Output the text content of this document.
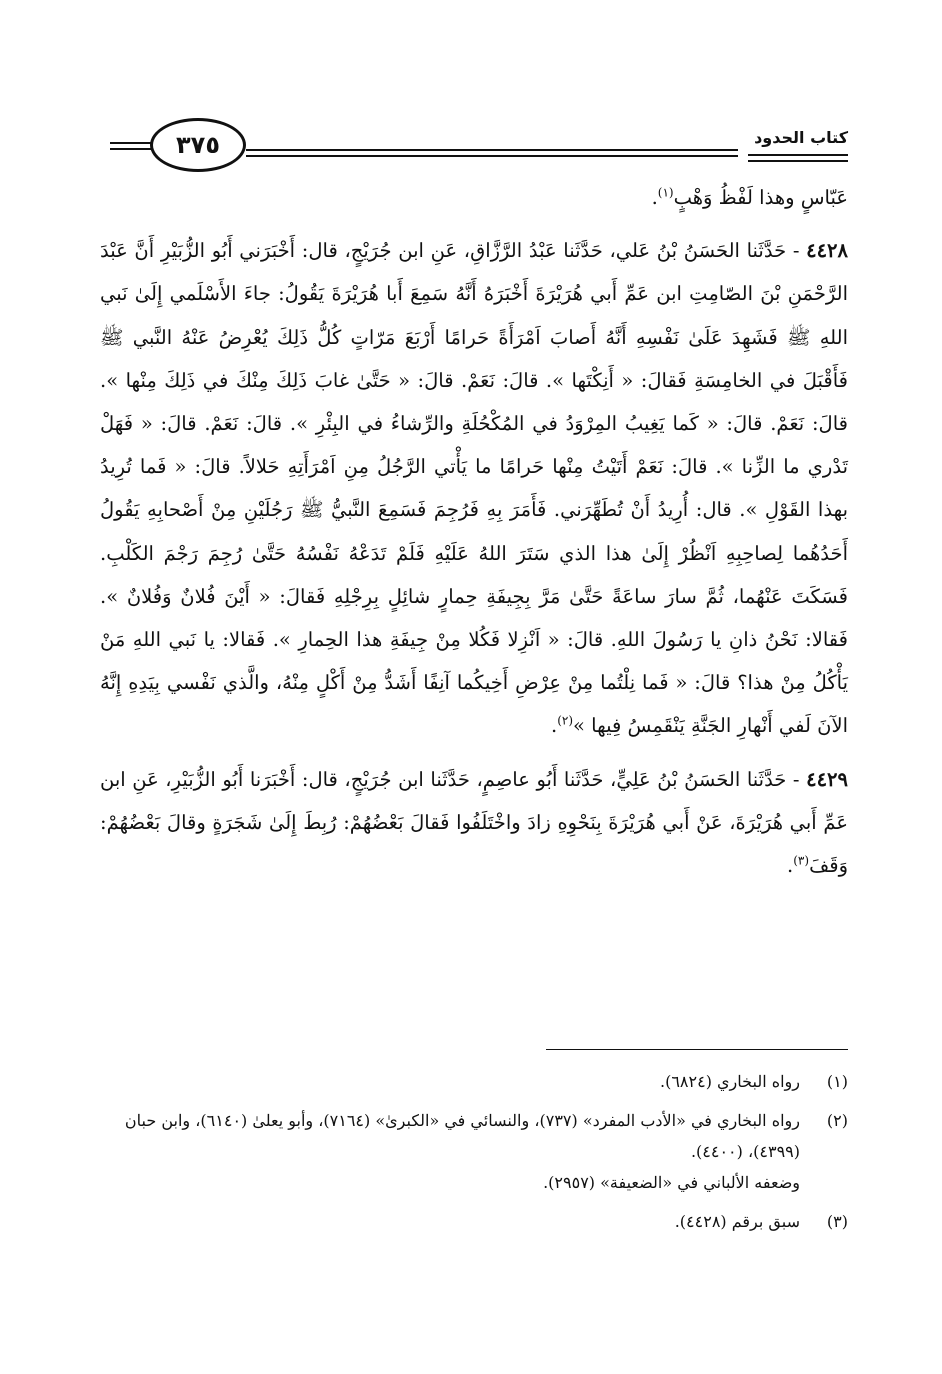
كتاب الحدود
٣٧٥

عَبّاسٍ وهذا لَفْظُ وَهْبٍ$^{(١)}$.

٤٤٢٨ - حَدَّثَنا الحَسَنُ بْنُ عَلي، حَدَّثَنا عَبْدُ الرَّزَّاقِ، عَنِ ابن جُرَيْجٍ، قال: أَخْبَرَني أَبُو الزُّبَيْرِ أَنَّ عَبْدَ الرَّحْمَنِ بْنَ الصّامِتِ ابن عَمِّ أَبي هُرَيْرَةَ أَخْبَرَهُ أَنَّهُ سَمِعَ أَبا هُرَيْرَةَ يَقُولُ: جاءَ الأَسْلَمي إِلَىٰ نَبي اللهِ ﷺ فَشَهِدَ عَلَىٰ نَفْسِهِ أَنَّهُ أَصابَ اَمْرَأَةً حَرامًا أَرْبَعَ مَرّاتٍ كُلُّ ذَلِكَ يُعْرِضُ عَنْهُ النَّبي ﷺ فَأَقْبَلَ في الخامِسَةِ فَقالَ: « أَنِكْتَها ». قالَ: نَعَمْ. قالَ: « حَتَّىٰ غابَ ذَلِكَ مِنْكَ في ذَلِكَ مِنْها ». قالَ: نَعَمْ. قالَ: « كَما يَغِيبُ المِرْوَدُ في المُكْحُلَةِ والرِّشاءُ في البِئْرِ ». قالَ: نَعَمْ. قالَ: « فَهَلْ تَدْري ما الزِّنا ». قالَ: نَعَمْ أَتَيْتُ مِنْها حَرامًا ما يَأْتي الرَّجُلُ مِنِ اَمْرَأَتِهِ حَلالاً. قالَ: « فَما تُرِيدُ بهذا القَوْلِ ». قال: أُرِيدُ أَنْ تُطَهِّرَني. فَأَمَرَ بِهِ فَرُجِمَ فَسَمِعَ النَّبيُّ ﷺ رَجُلَيْنِ مِنْ أَصْحابِهِ يَقُولُ أَحَدُهُما لِصاحِبِهِ اَنْظُرْ إِلَىٰ هذا الذي سَتَرَ اللهُ عَلَيْهِ فَلَمْ تَدَعْهُ نَفْسُهُ حَتَّىٰ رُجِمَ رَجْمَ الكَلْبِ. فَسَكَتَ عَنْهُما، ثُمَّ سارَ ساعَةً حَتَّىٰ مَرَّ بِجِيفَةِ حِمارٍ شائِلٍ بِرِجْلِهِ فَقالَ: « أَيْنَ فُلانٌ وَفُلانٌ ». فَقالا: نَحْنُ ذانِ يا رَسُولَ اللهِ. قالَ: « اَنْزِلا فَكُلا مِنْ جِيفَةِ هذا الحِمارِ ». فَقالا: يا نَبي اللهِ مَنْ يَأْكُلُ مِنْ هذا؟ قالَ: « فَما نِلْتُما مِنْ عِرْضِ أَخِيكُما آنِفًا أَشَدُّ مِنْ أَكْلٍ مِنْهُ، والَّذي نَفْسي بِيَدِهِ إِنَّهُ الآنَ لَفي أَنْهارِ الجَنَّةِ يَنْقَمِسُ فِيها »$^{(٢)}$.

٤٤٢٩ - حَدَّثَنا الحَسَنُ بْنُ عَلِيٍّ، حَدَّثَنا أَبُو عاصِمٍ، حَدَّثَنا ابن جُرَيْجٍ، قال: أَخْبَرَنا أَبُو الزُّبَيْرِ، عَنِ ابن عَمِّ أَبي هُرَيْرَةَ، عَنْ أَبي هُرَيْرَةَ بِنَحْوِهِ زادَ واخْتَلَفُوا فَقالَ بَعْضُهُمْ: رُبِطَ إِلَىٰ شَجَرَةٍ وقالَ بَعْضُهُمْ: وَقَفَ$^{(٣)}$.

(١)
رواه البخاري (٦٨٢٤).
(٢)
رواه البخاري في «الأدب المفرد» (٧٣٧)، والنسائي في «الكبرىٰ» (٧١٦٤)، وأبو يعلىٰ (٦١٤٠)، وابن حبان (٤٣٩٩)، (٤٤٠٠).
وضعفه الألباني في «الضعيفة» (٢٩٥٧).
(٣)
سبق برقم (٤٤٢٨).
